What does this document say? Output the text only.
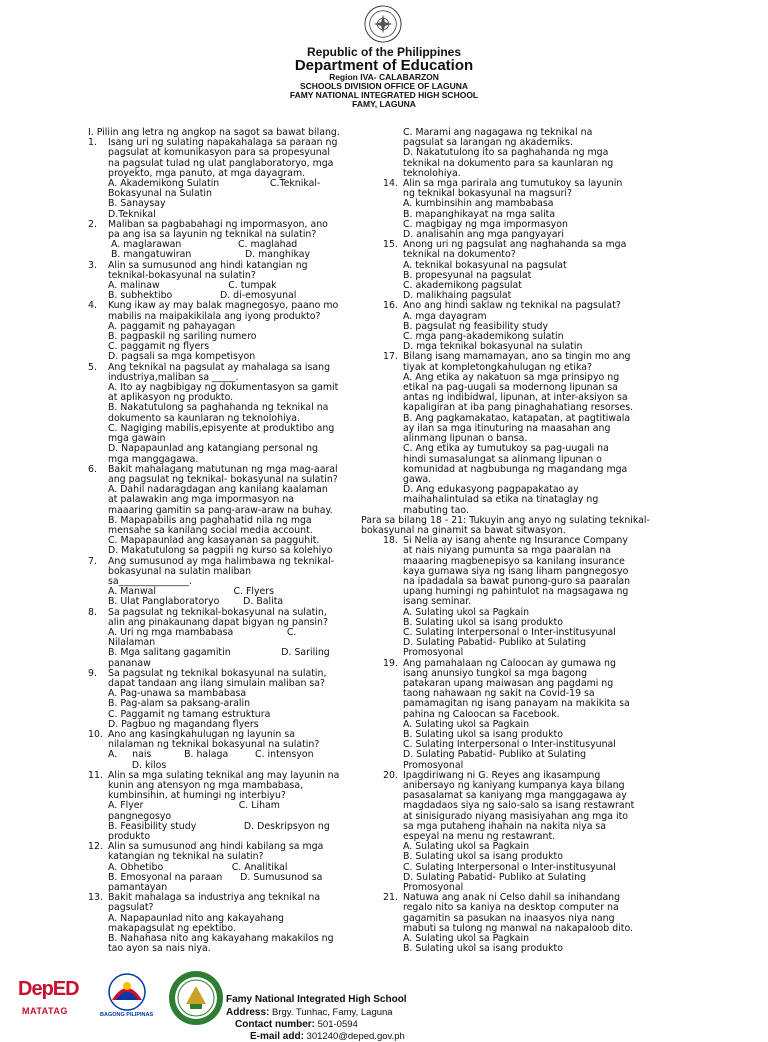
Republic of the Philippines
Department of Education
Region IVA- CALABARZON
SCHOOLS DIVISION OFFICE OF LAGUNA
FAMY NATIONAL INTEGRATED HIGH SCHOOL
FAMY, LAGUNA
I. Piliin ang letra ng angkop na sagot sa bawat bilang.
1.	Isang uri ng sulating napakahalaga sa paraan ng
pagsulat at komunikasyon para sa propesyunal
na pagsulat tulad ng ulat panglaboratoryo, mga
proyekto, mga panuto, at mga dayagram.
A. Akademikong Sulatin                 C.Teknikal-
Bokasyunal na Sulatin
B. Sanaysay
D.Teknikal
2.	Maliban sa pagbabahagi ng impormasyon, ano
pa ang isa sa layunin ng teknikal na sulatin?
A. maglarawan                   C. maglahad
B. mangatuwiran                  D. manghikay
3.	Alin sa sumusunod ang hindi katangian ng
teknikal-bokasyunal na sulatin?
A. malinaw                       C. tumpak
B. subhektibo                D. di-emosyunal
4.	Kung ikaw ay may balak magnegosyo, paano mo
mabilis na maipakikilala ang iyong produkto?
A. paggamit ng pahayagan
B. pagpaskil ng sariling numero
C. paggamit ng flyers
D. pagsali sa mga kompetisyon
5.	Ang teknikal na pagsulat ay mahalaga sa isang
industriya,maliban sa _____.
A. Ito ay nagbibigay ng dokumentasyon sa gamit
at aplikasyon ng produkto.
B. Nakatutulong sa paghahanda ng teknikal na
dokumento sa kaunlaran ng teknolohiya.
C. Nagiging mabilis,episyente at produktibo ang
mga gawain
D. Napapaunlad ang katangiang personal ng
mga manggagawa.
6.	Bakit mahalagang matutunan ng mga mag-aaral
ang pagsulat ng teknikal- bokasyunal na sulatin?
A. Dahil nadaragdagan ang kanilang kaalaman
at palawakin ang mga impormasyon na
maaaring gamitin sa pang-araw-araw na buhay.
B. Mapapabilis ang paghahatid nila ng mga
mensahe sa kanilang social media account.
C. Mapapaunlad ang kasayanan sa pagguhit.
D. Makatutulong sa pagpili ng kurso sa kolehiyo
7.	Ang sumusunod ay mga halimbawa ng teknikal-
bokasyunal na sulatin maliban
sa_______________.
A. Manwal                          C. Flyers
B. Ulat Panglaboratoryo        D. Balita
8.	Sa pagsulat ng teknikal-bokasyunal na sulatin,
alin ang pinakaunang dapat bigyan ng pansin?
A. Uri ng mga mambabasa                  C.
Nilalaman
B. Mga salitang gagamitin                 D. Sariling
pananaw
9.	Sa pagsulat ng teknikal bokasyunal na sulatin,
dapat tandaan ang ilang simulain maliban sa?
A. Pag-unawa sa mambabasa
B. Pag-alam sa paksang-aralin
C. Paggamit ng tamang estruktura
D. Pagbuo ng magandang flyers
10. Ano ang kasingkahulugan ng layunin sa
nilalaman ng teknikal bokasyunal na sulatin?
A.     nais           B. halaga         C. intensyon
D. kilos
11. Alin sa mga sulating teknikal ang may layunin na
kunin ang atensyon ng mga mambabasa,
kumbinsihin, at humingi ng interbiyu?
A. Flyer                                C. Liham
pangnegosyo
B. Feasibility study                D. Deskripsyon ng
produkto
12. Alin sa sumusunod ang hindi kabilang sa mga
katangian ng teknikal na sulatin?
A. Obhetibo                       C. Analitikal
B. Emosyonal na paraan      D. Sumusunod sa
pamantayan
13. Bakit mahalaga sa industriya ang teknikal na
pagsulat?
A. Napapaunlad nito ang kakayahang
makapagsulat ng epektibo.
B. Nahahasa nito ang kakayahang makakilos ng
tao ayon sa nais niya.
C. Marami ang nagagawa ng teknikal na
pagsulat sa larangan ng akademiks.
D. Nakatutulong ito sa paghahanda ng mga
teknikal na dokumento para sa kaunlaran ng
teknolohiya.
14. Alin sa mga parirala ang tumutukoy sa layunin
ng teknikal bokasyunal na magsuri?
A. kumbinsihin ang mambabasa
B. mapanghikayat na mga salita
C. magbigay ng mga impormasyon
D. analisahin ang mga pangyayari
15. Anong uri ng pagsulat ang naghahanda sa mga
teknikal na dokumento?
A. teknikal bokasyunal na pagsulat
B. propesyunal na pagsulat
C. akademikong pagsulat
D. malikhaing pagsulat
16. Ano ang hindi saklaw ng teknikal na pagsulat?
A. mga dayagram
B. pagsulat ng feasibility study
C. mga pang-akademikong sulatin
D. mga teknikal bokasyunal na sulatin
17. Bilang isang mamamayan, ano sa tingin mo ang
tiyak at kompletongkahulugan ng etika?
A. Ang etika ay nakatuon sa mga prinsipyo ng
etikal na pag-uugali sa modernong lipunan sa
antas ng indibidwal, lipunan, at inter-aksiyon sa
kapaligiran at iba pang pinaghahatiang resorses.
B. Ang pagkamakatao, katapatan, at pagtitiwala
ay ilan sa mga itinuturing na maasahan ang
alinmang lipunan o bansa.
C. Ang etika ay tumutukoy sa pag-uugali na
hindi sumasalungat sa alinmang lipunan o
komunidad at nagbubunga ng magandang mga
gawa.
D. Ang edukasyong pagpapakatao ay
maihahalintulad sa etika na tinataglay ng
mabuting tao.
Para sa bilang 18 - 21: Tukuyin ang anyo ng sulating teknikal-
bokasyunal na ginamit sa bawat sitwasyon.
18. Si Nelia ay isang ahente ng Insurance Company
at nais niyang pumunta sa mga paaralan na
maaaring magbenepisyo sa kanilang insurance
kaya gumawa siya ng isang liham pangnegosyo
na ipadadala sa bawat punong-guro sa paaralan
upang humingi ng pahintulot na magsagawa ng
isang seminar.
A. Sulating ukol sa Pagkain
B. Sulating ukol sa isang produkto
C. Sulating Interpersonal o Inter-institusyunal
D. Sulating Pabatid- Publiko at Sulating
Promosyonal
19. Ang pamahalaan ng Caloocan ay gumawa ng
isang anunsiyo tungkol sa mga bagong
patakaran upang maiwasan ang pagdami ng
taong nahawaan ng sakit na Covid-19 sa
pamamagitan ng isang panayam na makikita sa
pahina ng Caloocan sa Facebook.
A. Sulating ukol sa Pagkain
B. Sulating ukol sa isang produkto
C. Sulating Interpersonal o Inter-institusyunal
D. Sulating Pabatid- Publiko at Sulating
Promosyonal
20. Ipagdiriwang ni G. Reyes ang ikasampung
anibersayo ng kaniyang kumpanya kaya bilang
pasasalamat sa kaniyang mga manggagawa ay
magdadaos siya ng salo-salo sa isang restawrant
at sinisigurado niyang masisiyahan ang mga ito
sa mga putaheng ihahain na nakita niya sa
espeyal na menu ng restawrant.
A. Sulating ukol sa Pagkain
B. Sulating ukol sa isang produkto
C. Sulating Interpersonal o Inter-institusyunal
D. Sulating Pabatid- Publiko at Sulating
Promosyonal
21. Natuwa ang anak ni Celso dahil sa inihandang
regalo nito sa kaniya na desktop computer na
gagamitin sa pasukan na inaasyos niya nang
mabuti sa tulong ng manwal na nakapaloob dito.
A. Sulating ukol sa Pagkain
B. Sulating ukol sa isang produkto
DepED
MATATAG	BAGONG PILIPINAS
Famy National Integrated High School
Address: Brgy. Tunhac, Famy, Laguna
Contact number: 501-0594
E-mail add: 301240@deped.gov.ph
